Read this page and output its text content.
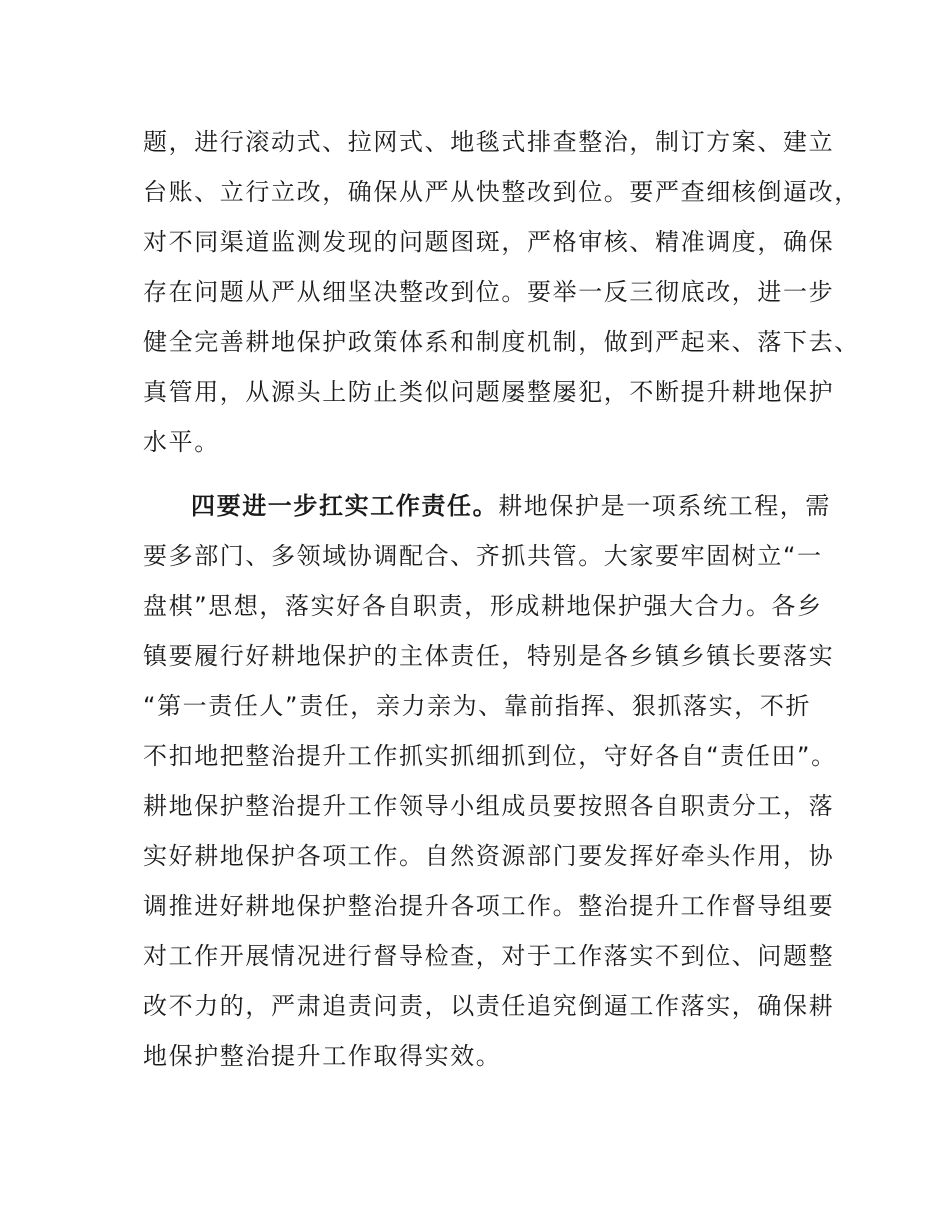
题，进行滚动式、拉网式、地毯式排查整治，制订方案、建立
台账、立行立改，确保从严从快整改到位。要严查细核倒逼改，
对不同渠道监测发现的问题图斑，严格审核、精准调度，确保
存在问题从严从细坚决整改到位。要举一反三彻底改，进一步
健全完善耕地保护政策体系和制度机制，做到严起来、落下去、
真管用，从源头上防止类似问题屡整屡犯，不断提升耕地保护
水平。
四要进一步扛实工作责任。耕地保护是一项系统工程，需
要多部门、多领域协调配合、齐抓共管。大家要牢固树立“一
盘棋”思想，落实好各自职责，形成耕地保护强大合力。各乡
镇要履行好耕地保护的主体责任，特别是各乡镇乡镇长要落实
“第一责任人”责任，亲力亲为、靠前指挥、狠抓落实，不折
不扣地把整治提升工作抓实抓细抓到位，守好各自“责任田”。
耕地保护整治提升工作领导小组成员要按照各自职责分工，落
实好耕地保护各项工作。自然资源部门要发挥好牵头作用，协
调推进好耕地保护整治提升各项工作。整治提升工作督导组要
对工作开展情况进行督导检查，对于工作落实不到位、问题整
改不力的，严肃追责问责，以责任追究倒逼工作落实，确保耕
地保护整治提升工作取得实效。
